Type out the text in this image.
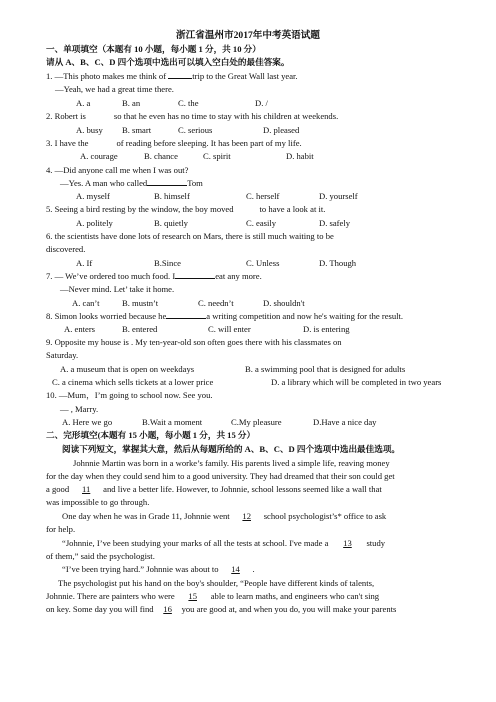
浙江省温州市2017年中考英语试题
一、单项填空（本题有 10 小题，每小题 1 分，共 10 分）
请从 A、B、C、D 四个选项中选出可以填入空白处的最佳答案。
1. —This photo makes me think of	trip to the Great Wall last year.
—Yeah, we had a great time there.
A. a	B. an	C. the	D. /
2. Robert is	so that he even has no time to stay with his children at weekends.
A. busy B. smart	C. serious	D. pleased
3. I have the	of reading before sleeping. It has been part of my life.
A. courage	B. chance	C. spirit	D. habit
4. —Did anyone call me when I was out?
—Yes. A man who called	Tom
A. myself	B. himself	C. herself	D. yourself
5. Seeing a bird resting by the window, the boy moved	to have a look at it.
A. politely	B. quietly	C. easily	D. safely
6. the scientists have done lots of research on Mars, there is still much waiting to be
discovered.
A. If	B.Since	C. Unless	D. Though
7. — We’ve ordered too much food. I	eat any more.
—Never mind. Let’ take it home.
A. can’t	B. mustn’t	C. needn’t	D. shouldn't
8. Simon looks worried because he	a writing competition and now he's waiting for the result.
A. enters	B. entered	C. will enter	D. is entering
9. Opposite my house is . My ten-year-old son often goes there with his classmates on
Saturday.
A. a museum that is open on weekdays	B. a swimming pool that is designed for adults
C. a cinema which sells tickets at a lower price	D. a library which will be completed in two years
10. —Mum，I’m going to school now. See you.
— , Marry.
A. Here we go	B.Wait a moment	C.My pleasure	D.Have a nice day
二、完形填空(本题有 15 小题，每小题 1 分，共 15 分）
阅读下列短文，掌握其大意，然后从每题所给的 A、B、C、D 四个选项中选出最佳选项。
Johnnie Martin was born in a worke’s family. His parents lived a simple life, reaving money
for the day when they could send him to a good university. They had dreamed that their son could get
a good 11 and live a better life. However, to Johnnie, school lessons seemed like a wall that
was impossible to go through.
One day when he was in Grade 11, Johnnie went 12 school psychologist’s* office to ask
for help.
“Johnnie, I’ve been studying your marks of all the tests at school. I've made a 13 study
of them,” said the psychologist.
“I’ve been trying hard.” Johnnie was about to 14 .
The psychologist put his hand on the boy's shoulder, “People have different kinds of talents,
Johnnie. There are painters who were 15 able to learn maths, and engineers who can't sing
on key. Some day you will find 16 you are good at, and when you do, you will make your parents
